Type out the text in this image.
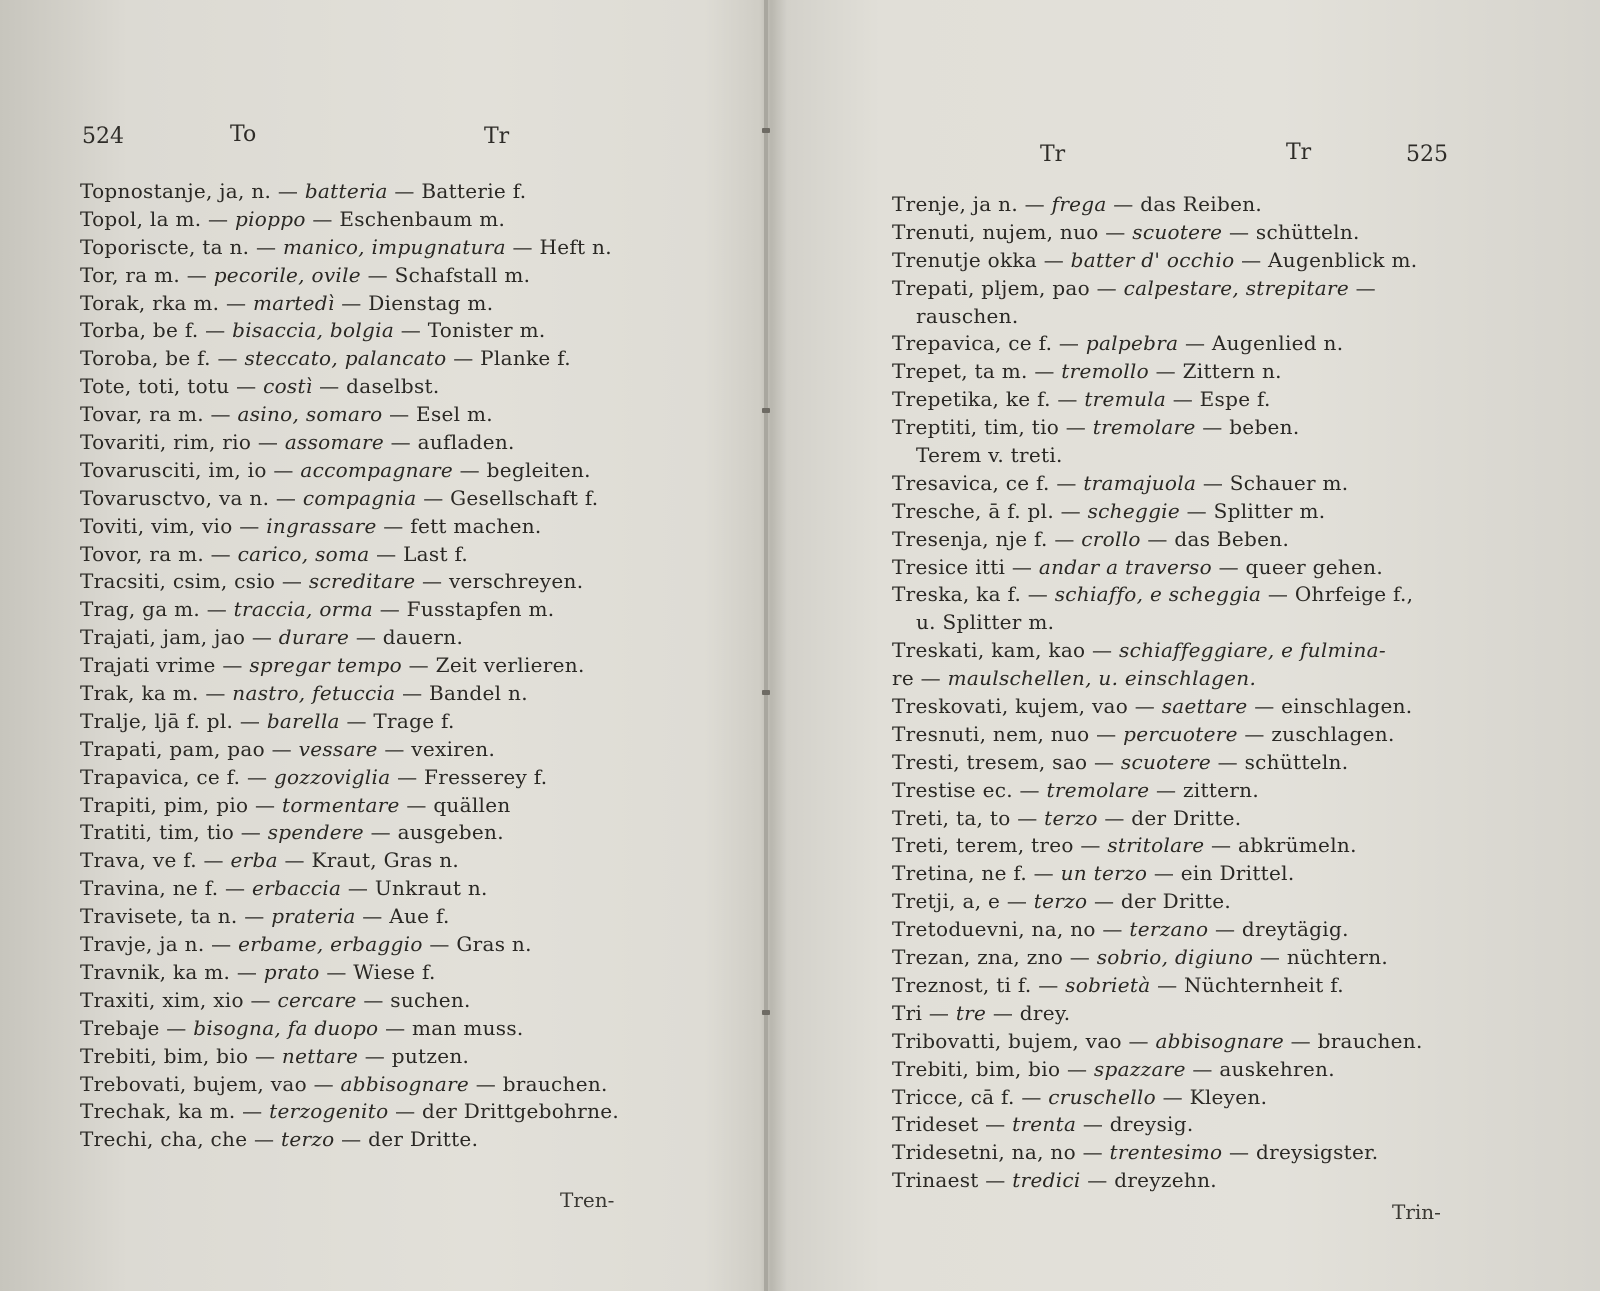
524	To	Tr
Topnostanje, ja, n. — batteria — Batterie f.
Topol, la m. — pioppo — Eschenbaum m.
Toporiscte, ta n. — manico, impugnatura — Heft n.
Tor, ra m. — pecorile, ovile — Schafstall m.
Torak, rka m. — martedì — Dienstag m.
Torba, be f. — bisaccia, bolgia — Tonister m.
Toroba, be f. — steccato, palancato — Planke f.
Tote, toti, totu — costì — daselbst.
Tovar, ra m. — asino, somaro — Esel m.
Tovariti, rim, rio — assomare — aufladen.
Tovarusciti, im, io — accompagnare — begleiten.
Tovarusctvo, va n. — compagnia — Gesellschaft f.
Toviti, vim, vio — ingrassare — fett machen.
Tovor, ra m. — carico, soma — Last f.
Tracsiti, csim, csio — screditare — verschreyen.
Trag, ga m. — traccia, orma — Fusstapfen m.
Trajati, jam, jao — durare — dauern.
Trajati vrime — spregar tempo — Zeit verlieren.
Trak, ka m. — nastro, fetuccia — Bandel n.
Tralje, ljā f. pl. — barella — Trage f.
Trapati, pam, pao — vessare — vexiren.
Trapavica, ce f. — gozzoviglia — Fresserey f.
Trapiti, pim, pio — tormentare — quällen
Tratiti, tim, tio — spendere — ausgeben.
Trava, ve f. — erba — Kraut, Gras n.
Travina, ne f. — erbaccia — Unkraut n.
Travisete, ta n. — prateria — Aue f.
Travje, ja n. — erbame, erbaggio — Gras n.
Travnik, ka m. — prato — Wiese f.
Traxiti, xim, xio — cercare — suchen.
Trebaje — bisogna, fa duopo — man muss.
Trebiti, bim, bio — nettare — putzen.
Trebovati, bujem, vao — abbisognare — brauchen.
Trechak, ka m. — terzogenito — der Drittgebohrne.
Trechi, cha, che — terzo — der Dritte.
Tren-
Tr	Tr	525
Trenje, ja n. — frega — das Reiben.
Trenuti, nujem, nuo — scuotere — schütteln.
Trenutje okka — batter d' occhio — Augenblick m.
Trepati, pljem, pao — calpestare, strepitare —
rauschen.
Trepavica, ce f. — palpebra — Augenlied n.
Trepet, ta m. — tremollo — Zittern n.
Trepetika, ke f. — tremula — Espe f.
Treptiti, tim, tio — tremolare — beben.
Terem v. treti.
Tresavica, ce f. — tramajuola — Schauer m.
Tresche, ā f. pl. — scheggie — Splitter m.
Tresenja, nje f. — crollo — das Beben.
Tresice itti — andar a traverso — queer gehen.
Treska, ka f. — schiaffo, e scheggia — Ohrfeige f.,
u. Splitter m.
Treskati, kam, kao — schiaffeggiare, e fulmina-
re — maulschellen, u. einschlagen.
Treskovati, kujem, vao — saettare — einschlagen.
Tresnuti, nem, nuo — percuotere — zuschlagen.
Tresti, tresem, sao — scuotere — schütteln.
Trestise ec. — tremolare — zittern.
Treti, ta, to — terzo — der Dritte.
Treti, terem, treo — stritolare — abkrümeln.
Tretina, ne f. — un terzo — ein Drittel.
Tretji, a, e — terzo — der Dritte.
Tretoduevni, na, no — terzano — dreytägig.
Trezan, zna, zno — sobrio, digiuno — nüchtern.
Treznost, ti f. — sobrietà — Nüchternheit f.
Tri — tre — drey.
Tribovatti, bujem, vao — abbisognare — brauchen.
Trebiti, bim, bio — spazzare — auskehren.
Tricce, cā f. — cruschello — Kleyen.
Trideset — trenta — dreysig.
Tridesetni, na, no — trentesimo — dreysigster.
Trinaest — tredici — dreyzehn.
Trin-
